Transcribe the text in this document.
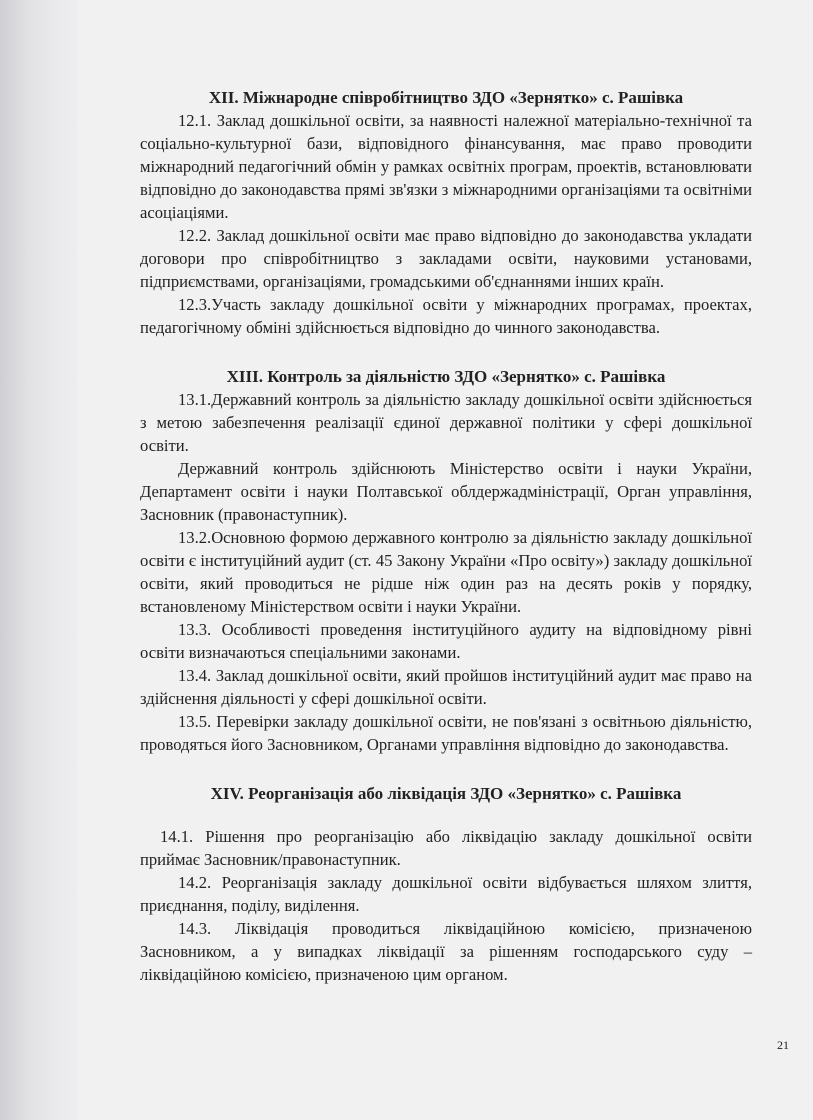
XII. Міжнародне співробітництво ЗДО «Зернятко» с. Рашівка

12.1. Заклад дошкільної освіти, за наявності належної матеріально-технічної та соціально-культурної бази, відповідного фінансування, має право проводити міжнародний педагогічний обмін у рамках освітніх програм, проектів, встановлювати відповідно до законодавства прямі зв'язки з міжнародними організаціями та освітніми асоціаціями.

12.2. Заклад дошкільної освіти має право відповідно до законодавства укладати договори про співробітництво з закладами освіти, науковими установами, підприємствами, організаціями, громадськими об'єднаннями інших країн.

12.3.Участь закладу дошкільної освіти у міжнародних програмах, проектах, педагогічному обміні здійснюється відповідно до чинного законодавства.

XIII. Контроль за діяльністю ЗДО «Зернятко» с. Рашівка

13.1.Державний контроль за діяльністю закладу дошкільної освіти здійснюється з метою забезпечення реалізації єдиної державної політики у сфері дошкільної освіти.

Державний контроль здійснюють Міністерство освіти і науки України, Департамент освіти і науки Полтавської облдержадміністрації, Орган управління, Засновник (правонаступник).

13.2.Основною формою державного контролю за діяльністю закладу дошкільної освіти є інституційний аудит (ст. 45 Закону України «Про освіту») закладу дошкільної освіти, який проводиться не рідше ніж один раз на десять років у порядку, встановленому Міністерством освіти і науки України.

13.3. Особливості проведення інституційного аудиту на відповідному рівні освіти визначаються спеціальними законами.

13.4. Заклад дошкільної освіти, який пройшов інституційний аудит має право на здійснення діяльності у сфері дошкільної освіти.

13.5. Перевірки закладу дошкільної освіти, не пов'язані з освітньою діяльністю, проводяться його Засновником, Органами управління відповідно до законодавства.

XIV. Реорганізація або ліквідація ЗДО «Зернятко» с. Рашівка

14.1. Рішення про реорганізацію або ліквідацію закладу дошкільної освіти приймає Засновник/правонаступник.

14.2. Реорганізація закладу дошкільної освіти відбувається шляхом злиття, приєднання, поділу, виділення.

14.3. Ліквідація проводиться ліквідаційною комісією, призначеною Засновником, а у випадках ліквідації за рішенням господарського суду – ліквідаційною комісією, призначеною цим органом.

21
